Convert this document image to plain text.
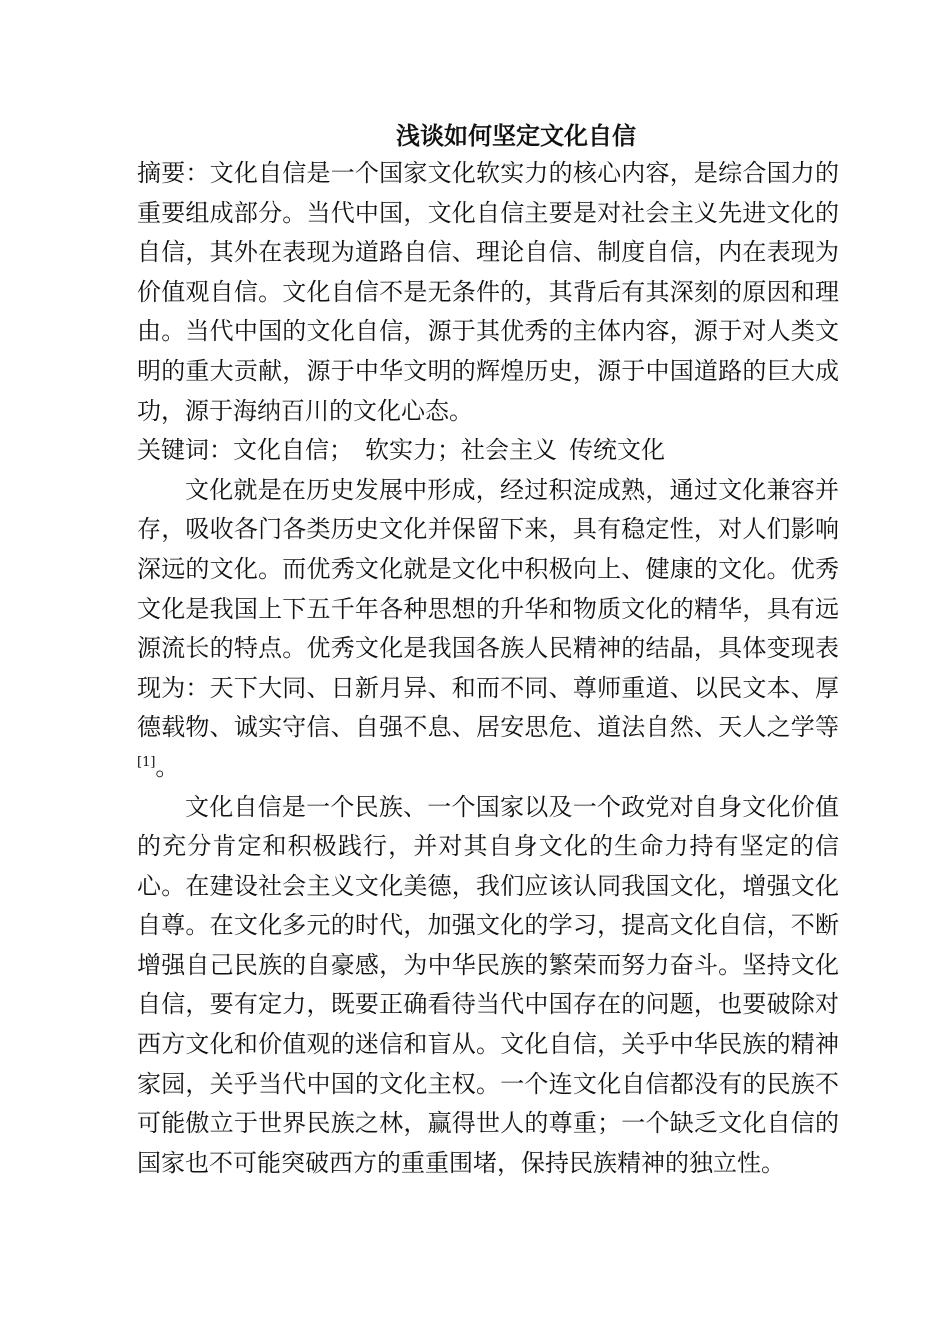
浅谈如何坚定文化自信

摘要：文化自信是一个国家文化软实力的核心内容，是综合国力的重要组成部分。当代中国，文化自信主要是对社会主义先进文化的自信，其外在表现为道路自信、理论自信、制度自信，内在表现为价值观自信。文化自信不是无条件的，其背后有其深刻的原因和理由。当代中国的文化自信，源于其优秀的主体内容，源于对人类文明的重大贡献，源于中华文明的辉煌历史，源于中国道路的巨大成功，源于海纳百川的文化心态。

关键词：文化自信； 软实力；社会主义 传统文化

文化就是在历史发展中形成，经过积淀成熟，通过文化兼容并存，吸收各门各类历史文化并保留下来，具有稳定性，对人们影响深远的文化。而优秀文化就是文化中积极向上、健康的文化。优秀文化是我国上下五千年各种思想的升华和物质文化的精华，具有远源流长的特点。优秀文化是我国各族人民精神的结晶，具体变现表现为：天下大同、日新月异、和而不同、尊师重道、以民文本、厚德载物、诚实守信、自强不息、居安思危、道法自然、天人之学等[1]。

文化自信是一个民族、一个国家以及一个政党对自身文化价值的充分肯定和积极践行，并对其自身文化的生命力持有坚定的信心。在建设社会主义文化美德，我们应该认同我国文化，增强文化自尊。在文化多元的时代，加强文化的学习，提高文化自信，不断增强自己民族的自豪感，为中华民族的繁荣而努力奋斗。坚持文化自信，要有定力，既要正确看待当代中国存在的问题，也要破除对西方文化和价值观的迷信和盲从。文化自信，关乎中华民族的精神家园，关乎当代中国的文化主权。一个连文化自信都没有的民族不可能傲立于世界民族之林，赢得世人的尊重；一个缺乏文化自信的国家也不可能突破西方的重重围堵，保持民族精神的独立性。
